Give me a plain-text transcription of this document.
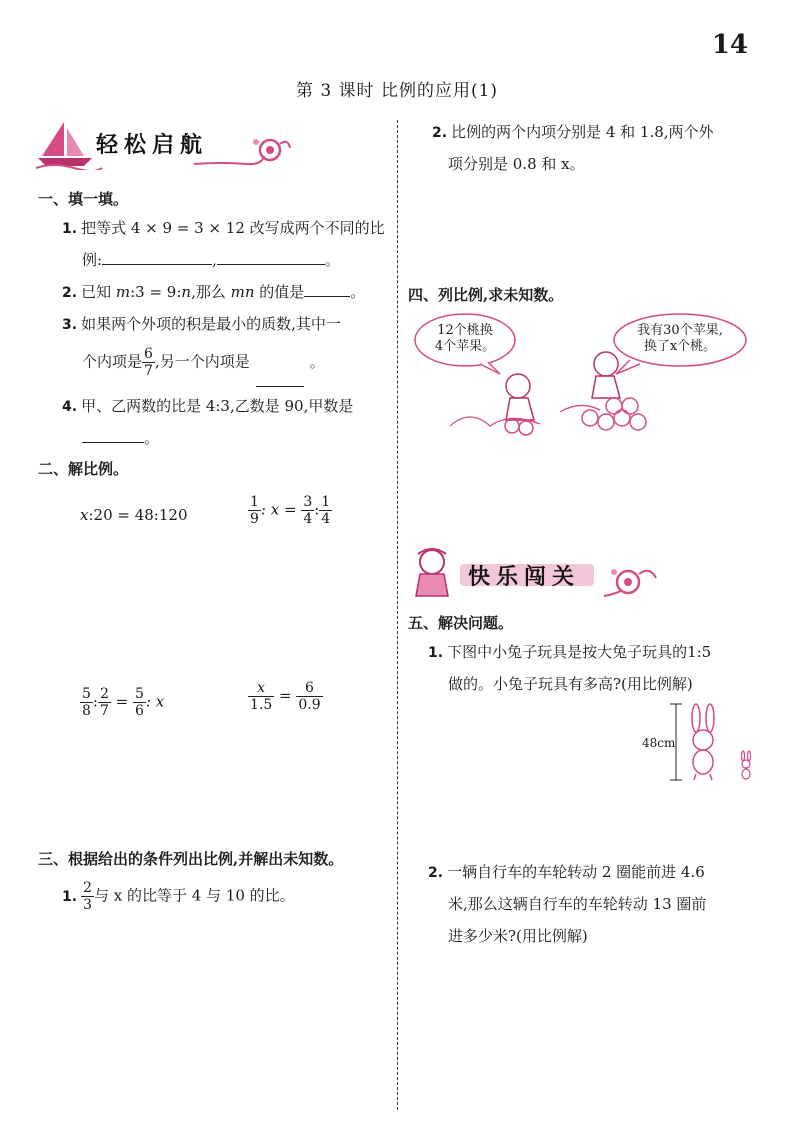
14
第 3 课时 比例的应用(1)
轻松启航
一、填一填。
1. 把等式 4 × 9 = 3 × 12 改写成两个不同的比
例:	,	。
2. 已知 m:3 = 9:n,那么 mn 的值是	。
3. 如果两个外项的积是最小的质数,其中一
个内项是 $\frac{6}{7}$ ,另一个内项是	。
4. 甲、乙两数的比是 4:3,乙数是 90,甲数是
。
二、解比例。
x:20 = 48:120	$\frac{1}{9}$ : $x = \frac{3}{4}$ : $\frac{1}{4}$
$\frac{5}{8}$ : $\frac{2}{7} = \frac{5}{6}$ : x	$\frac{x}{1.5} = \frac{6}{0.9}$
三、根据给出的条件列出比例,并解出未知数。
1. $\frac{2}{3}$ 与 x 的比等于 4 与 10 的比。
2. 比例的两个内项分别是 4 和 1.8,两个外
项分别是 0.8 和 x。
四、列比例,求未知数。
12个桃换
4个苹果。
我有30个苹果,
换了x个桃。
快乐闯关
五、解决问题。
1. 下图中小兔子玩具是按大兔子玩具的1:5
做的。小兔子玩具有多高?(用比例解)
48cm
2. 一辆自行车的车轮转动 2 圈能前进 4.6
米,那么这辆自行车的车轮转动 13 圈前
进多少米?(用比例解)
